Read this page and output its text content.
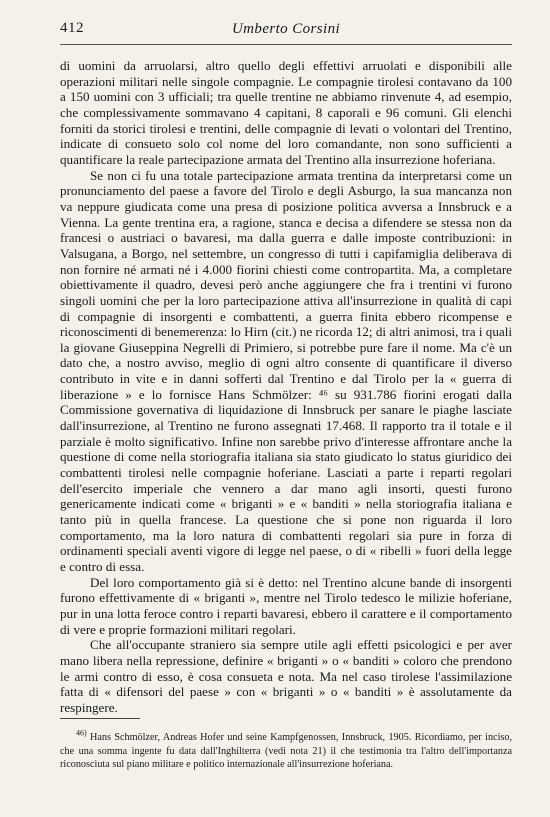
412	Umberto Corsini

di uomini da arruolarsi, altro quello degli effettivi arruolati e disponibili alle operazioni militari nelle singole compagnie. Le compagnie tirolesi contavano da 100 a 150 uomini con 3 ufficiali; tra quelle trentine ne abbiamo rinvenute 4, ad esempio, che complessivamente sommavano 4 capitani, 8 caporali e 96 comuni. Gli elenchi forniti da storici tirolesi e trentini, delle compagnie di levati o volontari del Trentino, indicate di consueto solo col nome del loro comandante, non sono sufficienti a quantificare la reale partecipazione armata del Trentino alla insurrezione hoferiana.

Se non ci fu una totale partecipazione armata trentina da interpretarsi come un pronunciamento del paese a favore del Tirolo e degli Asburgo, la sua mancanza non va neppure giudicata come una presa di posizione politica avversa a Innsbruck e a Vienna. La gente trentina era, a ragione, stanca e decisa a difendere se stessa non da francesi o austriaci o bavaresi, ma dalla guerra e dalle imposte contribuzioni: in Valsugana, a Borgo, nel settembre, un congresso di tutti i capifamiglia deliberava di non fornire né armati né i 4.000 fiorini chiesti come contropartita. Ma, a completare obiettivamente il quadro, devesi però anche aggiungere che fra i trentini vi furono singoli uomini che per la loro partecipazione attiva all'insurrezione in qualità di capi di compagnie di insorgenti e combattenti, a guerra finita ebbero ricompense e riconoscimenti di benemerenza: lo Hirn (cit.) ne ricorda 12; di altri animosi, tra i quali la giovane Giuseppina Negrelli di Primiero, si potrebbe pure fare il nome. Ma c'è un dato che, a nostro avviso, meglio di ogni altro consente di quantificare il diverso contributo in vite e in danni sofferti dal Trentino e dal Tirolo per la « guerra di liberazione » e lo fornisce Hans Schmölzer: ⁴⁶ su 931.786 fiorini erogati dalla Commissione governativa di liquidazione di Innsbruck per sanare le piaghe lasciate dall'insurrezione, al Trentino ne furono assegnati 17.468. Il rapporto tra il totale e il parziale è molto significativo. Infine non sarebbe privo d'interesse affrontare anche la questione di come nella storiografia italiana sia stato giudicato lo status giuridico dei combattenti tirolesi nelle compagnie hoferiane. Lasciati a parte i reparti regolari dell'esercito imperiale che vennero a dar mano agli insorti, questi furono genericamente indicati come « briganti » e « banditi » nella storiografia italiana e tanto più in quella francese. La questione che si pone non riguarda il loro comportamento, ma la loro natura di combattenti regolari sia pure in forza di ordinamenti speciali aventi vigore di legge nel paese, o di « ribelli » fuori della legge e contro di essa.

Del loro comportamento già si è detto: nel Trentino alcune bande di insorgenti furono effettivamente di « briganti », mentre nel Tirolo tedesco le milizie hoferiane, pur in una lotta feroce contro i reparti bavaresi, ebbero il carattere e il comportamento di vere e proprie formazioni militari regolari.

Che all'occupante straniero sia sempre utile agli effetti psicologici e per aver mano libera nella repressione, definire « briganti » o « banditi » coloro che prendono le armi contro di esso, è cosa consueta e nota. Ma nel caso tirolese l'assimilazione fatta di « difensori del paese » con « briganti » o « banditi » è assolutamente da respingere.

$^{46)}$ Hans Schmölzer, Andreas Hofer und seine Kampfgenossen, Innsbruck, 1905. Ricordiamo, per inciso, che una somma ingente fu data dall'Inghilterra (vedi nota 21) il che testimonia tra l'altro dell'importanza riconosciuta sul piano militare e politico internazionale all'insurrezione hoferiana.
